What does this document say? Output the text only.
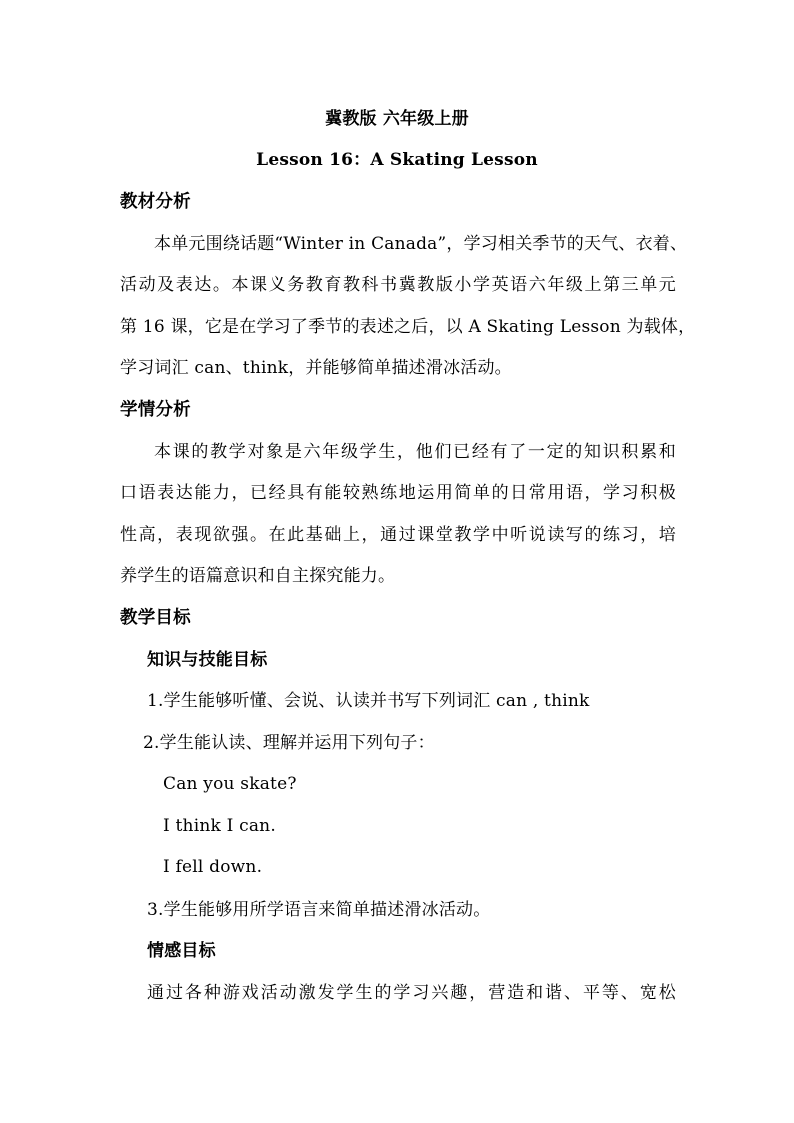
冀教版 六年级上册
Lesson 16：A Skating Lesson
教材分析
本单元围绕话题“Winter in Canada”，学习相关季节的天气、衣着、
活动及表达。本课义务教育教科书冀教版小学英语六年级上第三单元
第 16 课，它是在学习了季节的表述之后，以 A Skating Lesson 为载体，
学习词汇 can、think，并能够简单描述滑冰活动。
学情分析
本课的教学对象是六年级学生，他们已经有了一定的知识积累和
口语表达能力，已经具有能较熟练地运用简单的日常用语，学习积极
性高，表现欲强。在此基础上，通过课堂教学中听说读写的练习，培
养学生的语篇意识和自主探究能力。
教学目标
知识与技能目标
1.学生能够听懂、会说、认读并书写下列词汇 can , think
2.学生能认读、理解并运用下列句子：
Can you skate?
I think I can.
I fell down.
3.学生能够用所学语言来简单描述滑冰活动。
情感目标
通过各种游戏活动激发学生的学习兴趣，营造和谐、平等、宽松
